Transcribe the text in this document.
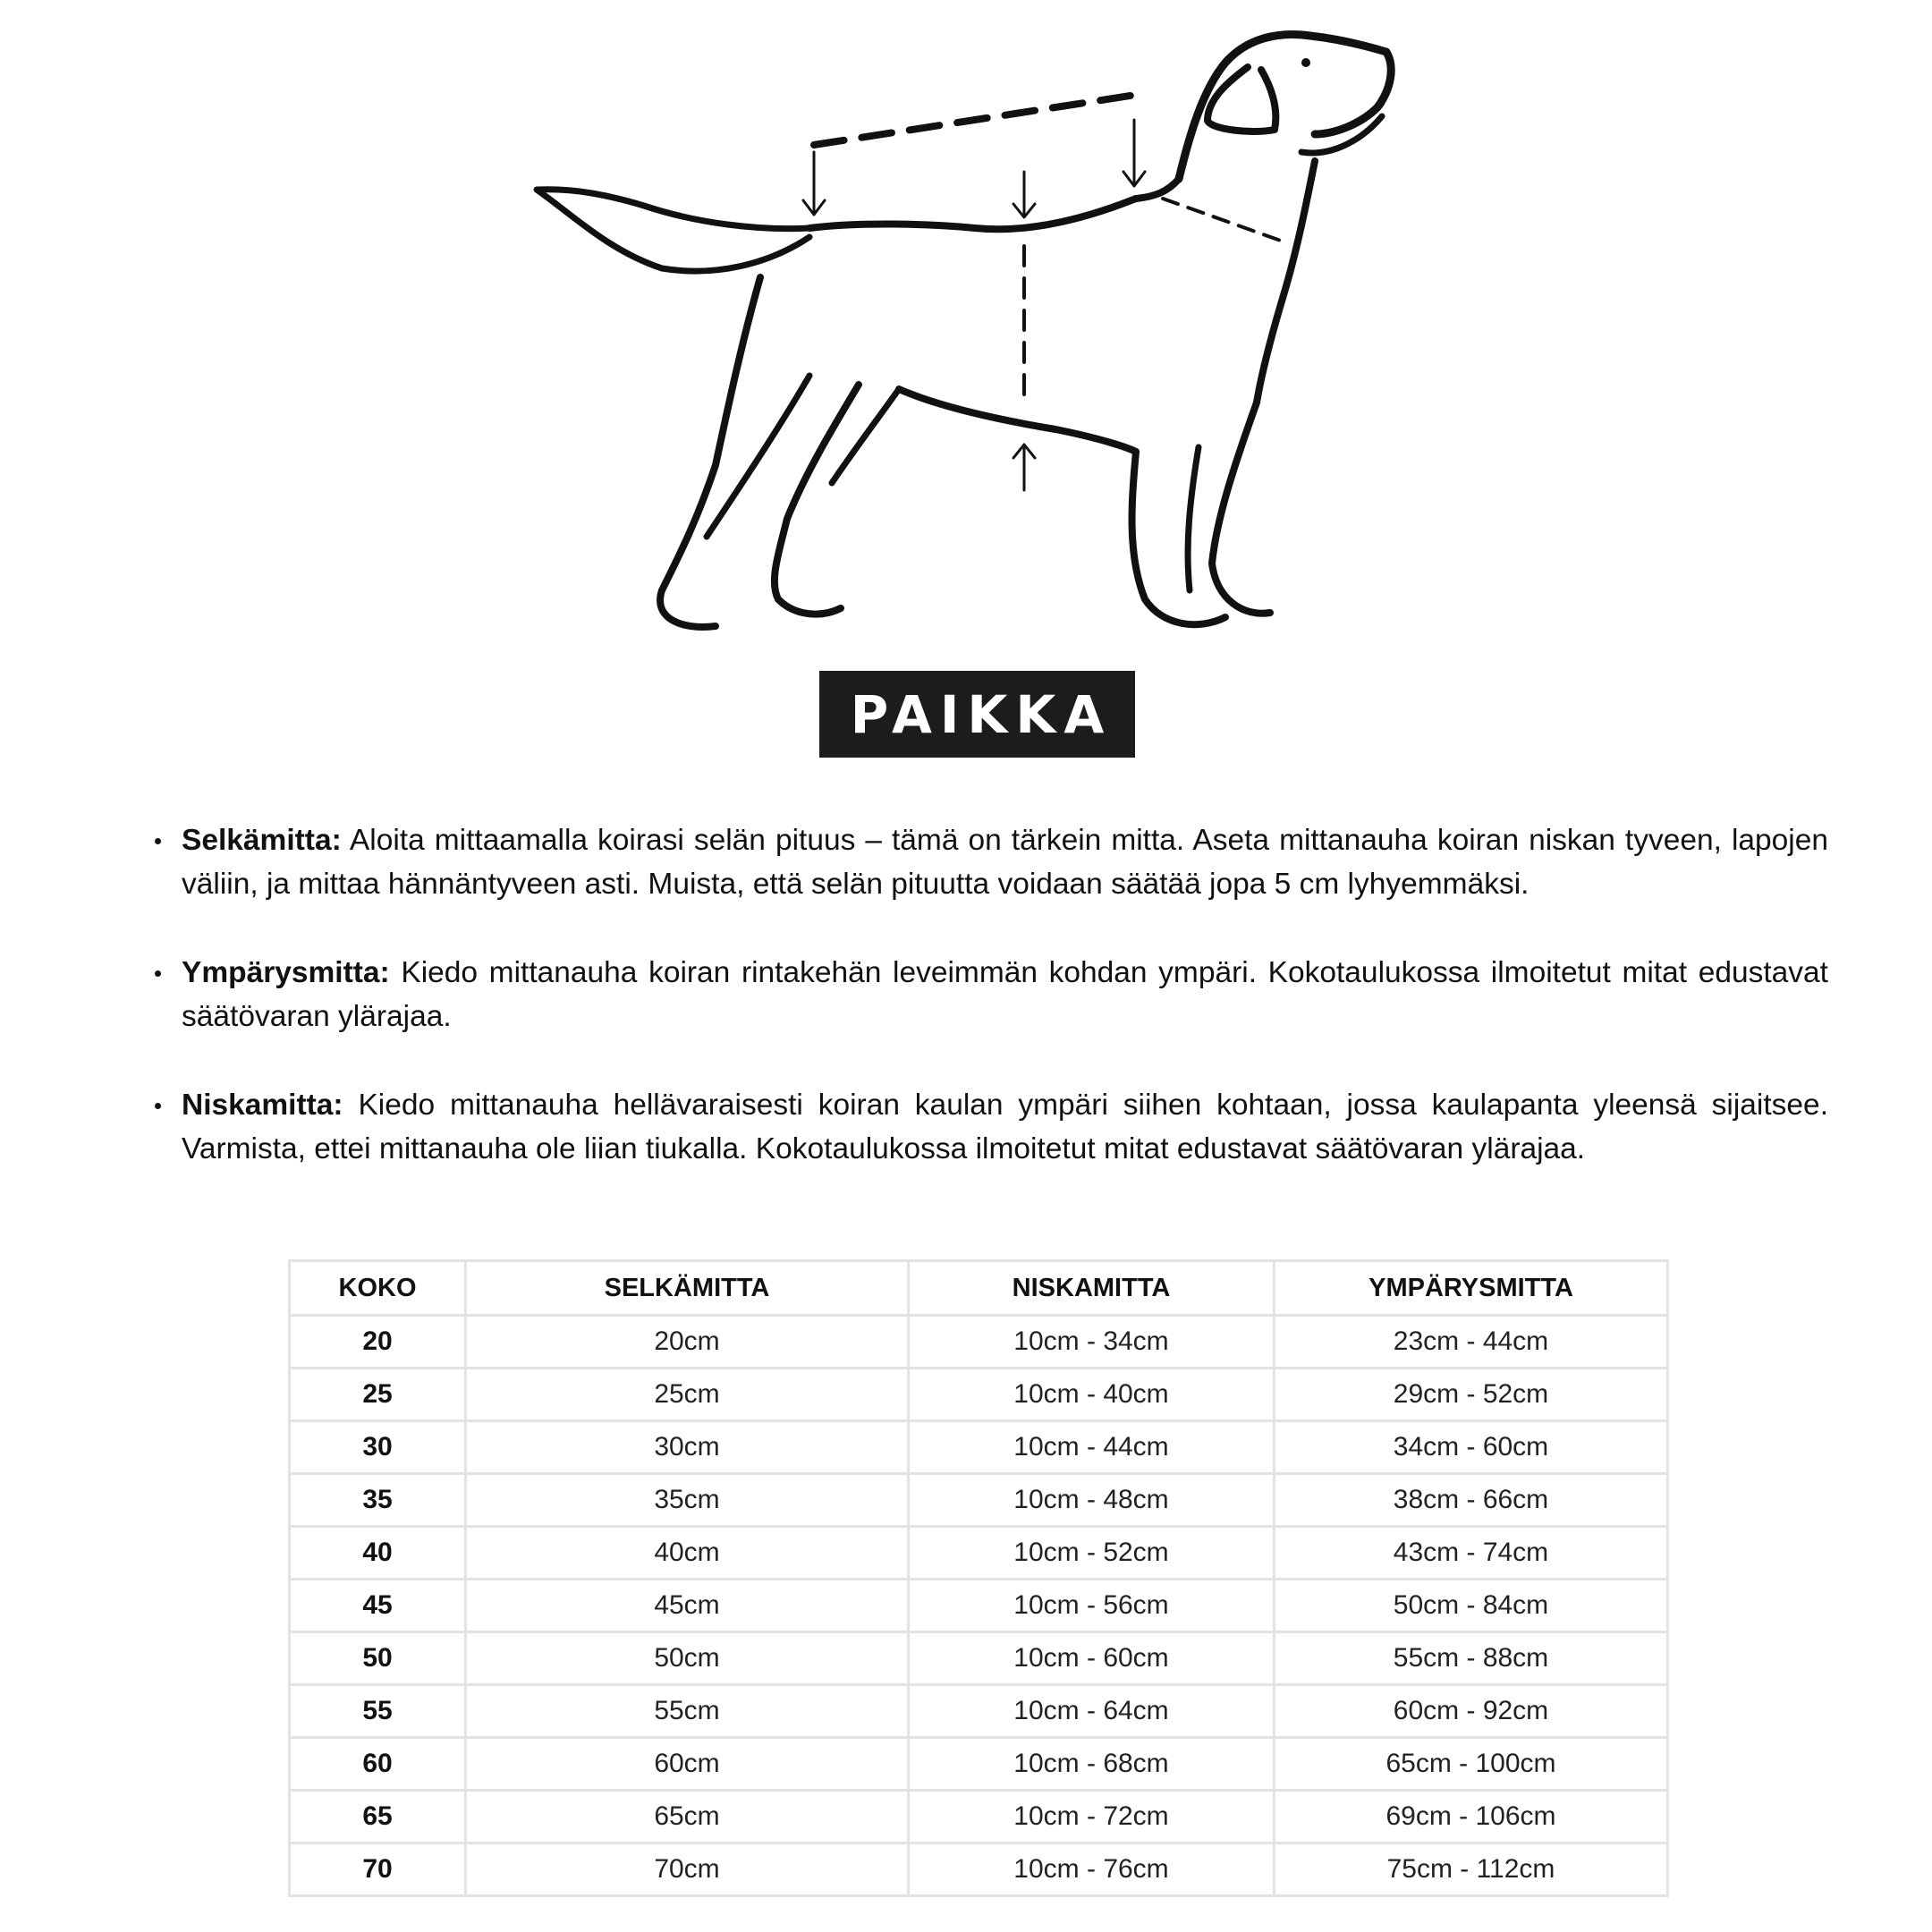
PAIKKA
Selkämitta: Aloita mittaamalla koirasi selän pituus – tämä on tärkein mitta. Aseta mittanauha koiran niskan tyveen, lapojen väliin, ja mittaa hännäntyveen asti. Muista, että selän pituutta voidaan säätää jopa 5 cm lyhyemmäksi.
Ympärysmitta: Kiedo mittanauha koiran rintakehän leveimmän kohdan ympäri. Kokotaulukossa ilmoitetut mitat edustavat säätövaran ylärajaa.
Niskamitta: Kiedo mittanauha hellävaraisesti koiran kaulan ympäri siihen kohtaan, jossa kaulapanta yleensä sijaitsee. Varmista, ettei mittanauha ole liian tiukalla. Kokotaulukossa ilmoitetut mitat edustavat säätövaran ylärajaa.
KOKO	SELKÄMITTA	NISKAMITTA	YMPÄRYSMITTA
20	20cm	10cm - 34cm	23cm - 44cm
25	25cm	10cm - 40cm	29cm - 52cm
30	30cm	10cm - 44cm	34cm - 60cm
35	35cm	10cm - 48cm	38cm - 66cm
40	40cm	10cm - 52cm	43cm - 74cm
45	45cm	10cm - 56cm	50cm - 84cm
50	50cm	10cm - 60cm	55cm - 88cm
55	55cm	10cm - 64cm	60cm - 92cm
60	60cm	10cm - 68cm	65cm - 100cm
65	65cm	10cm - 72cm	69cm - 106cm
70	70cm	10cm - 76cm	75cm - 112cm
